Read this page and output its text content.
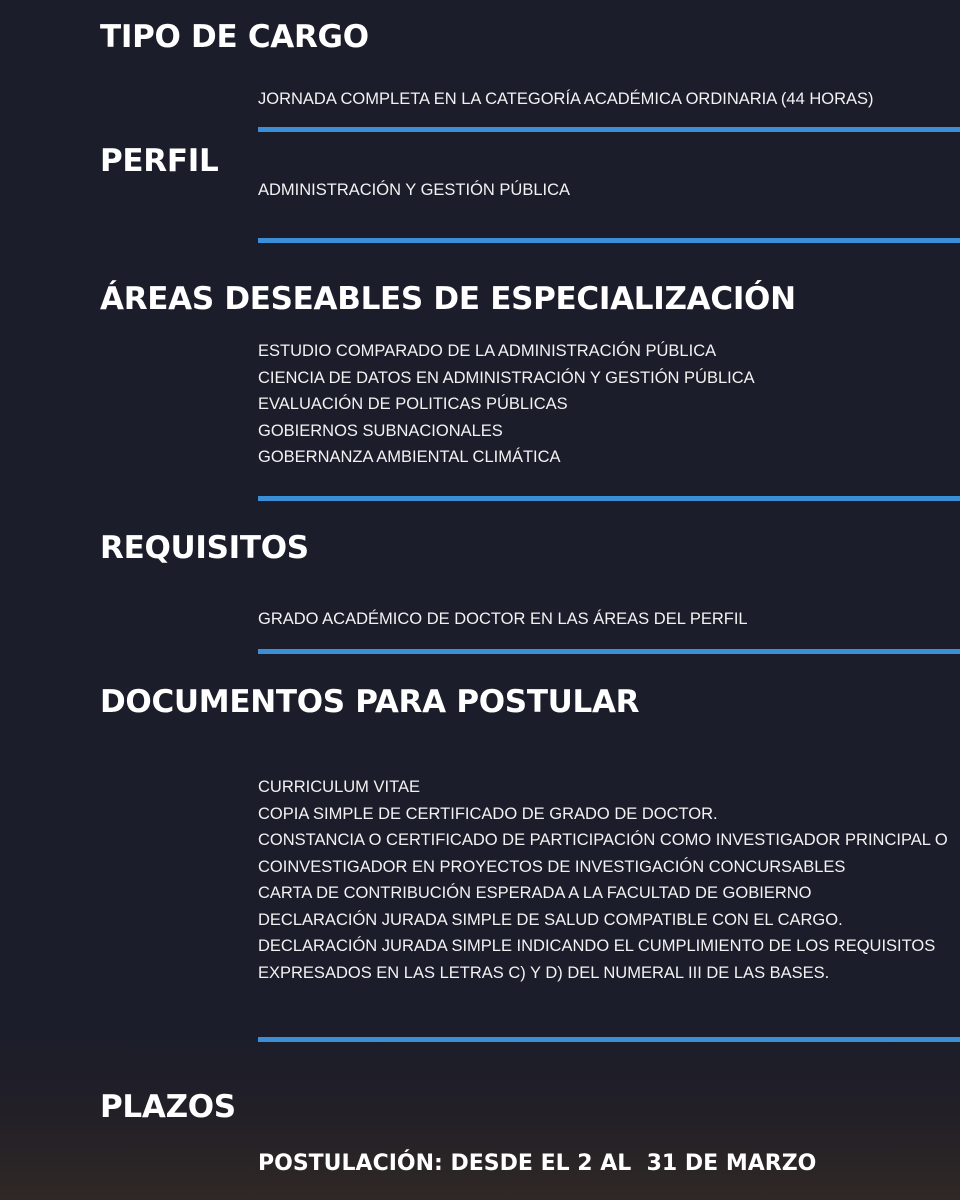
TIPO DE CARGO
JORNADA COMPLETA EN LA CATEGORÍA ACADÉMICA ORDINARIA (44 HORAS)
PERFIL
ADMINISTRACIÓN Y GESTIÓN PÚBLICA
ÁREAS DESEABLES DE ESPECIALIZACIÓN
ESTUDIO COMPARADO DE LA ADMINISTRACIÓN PÚBLICA
CIENCIA DE DATOS EN ADMINISTRACIÓN Y GESTIÓN PÚBLICA
EVALUACIÓN DE POLITICAS PÚBLICAS
GOBIERNOS SUBNACIONALES
GOBERNANZA AMBIENTAL CLIMÁTICA
REQUISITOS
GRADO ACADÉMICO DE DOCTOR EN LAS ÁREAS DEL PERFIL
DOCUMENTOS PARA POSTULAR
CURRICULUM VITAE
COPIA SIMPLE DE CERTIFICADO DE GRADO DE DOCTOR.
CONSTANCIA O CERTIFICADO DE PARTICIPACIÓN COMO INVESTIGADOR PRINCIPAL O
COINVESTIGADOR EN PROYECTOS DE INVESTIGACIÓN CONCURSABLES
CARTA DE CONTRIBUCIÓN ESPERADA A LA FACULTAD DE GOBIERNO
DECLARACIÓN JURADA SIMPLE DE SALUD COMPATIBLE CON EL CARGO.
DECLARACIÓN JURADA SIMPLE INDICANDO EL CUMPLIMIENTO DE LOS REQUISITOS
EXPRESADOS EN LAS LETRAS C) Y D) DEL NUMERAL III DE LAS BASES.
PLAZOS

POSTULACIÓN: DESDE EL 2 AL  31 DE MARZO
